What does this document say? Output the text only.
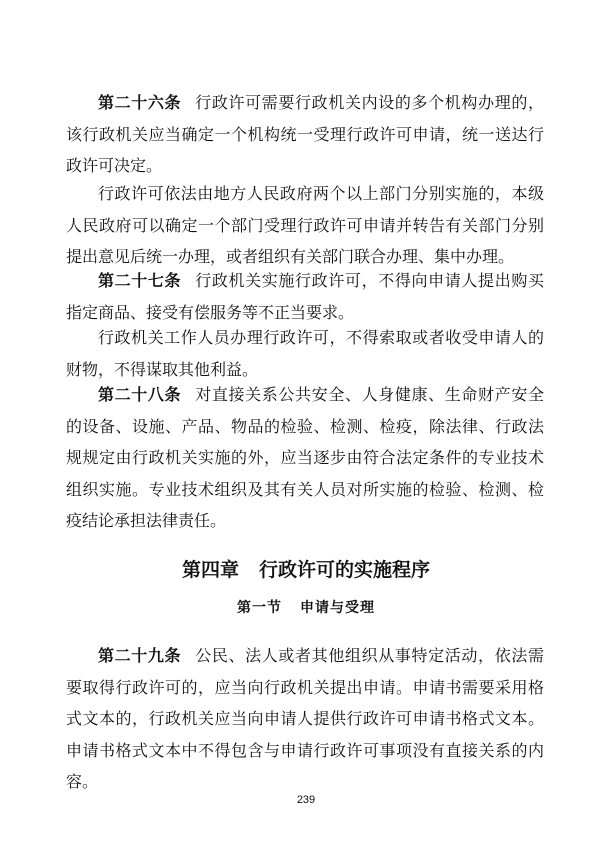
第二十六条 行政许可需要行政机关内设的多个机构办理的，该行政机关应当确定一个机构统一受理行政许可申请，统一送达行政许可决定。

行政许可依法由地方人民政府两个以上部门分别实施的，本级人民政府可以确定一个部门受理行政许可申请并转告有关部门分别提出意见后统一办理，或者组织有关部门联合办理、集中办理。

第二十七条 行政机关实施行政许可，不得向申请人提出购买指定商品、接受有偿服务等不正当要求。

行政机关工作人员办理行政许可，不得索取或者收受申请人的财物，不得谋取其他利益。

第二十八条 对直接关系公共安全、人身健康、生命财产安全的设备、设施、产品、物品的检验、检测、检疫，除法律、行政法规规定由行政机关实施的外，应当逐步由符合法定条件的专业技术组织实施。专业技术组织及其有关人员对所实施的检验、检测、检疫结论承担法律责任。

第四章 行政许可的实施程序
第一节 申请与受理

第二十九条 公民、法人或者其他组织从事特定活动，依法需要取得行政许可的，应当向行政机关提出申请。申请书需要采用格式文本的，行政机关应当向申请人提供行政许可申请书格式文本。申请书格式文本中不得包含与申请行政许可事项没有直接关系的内容。

239
